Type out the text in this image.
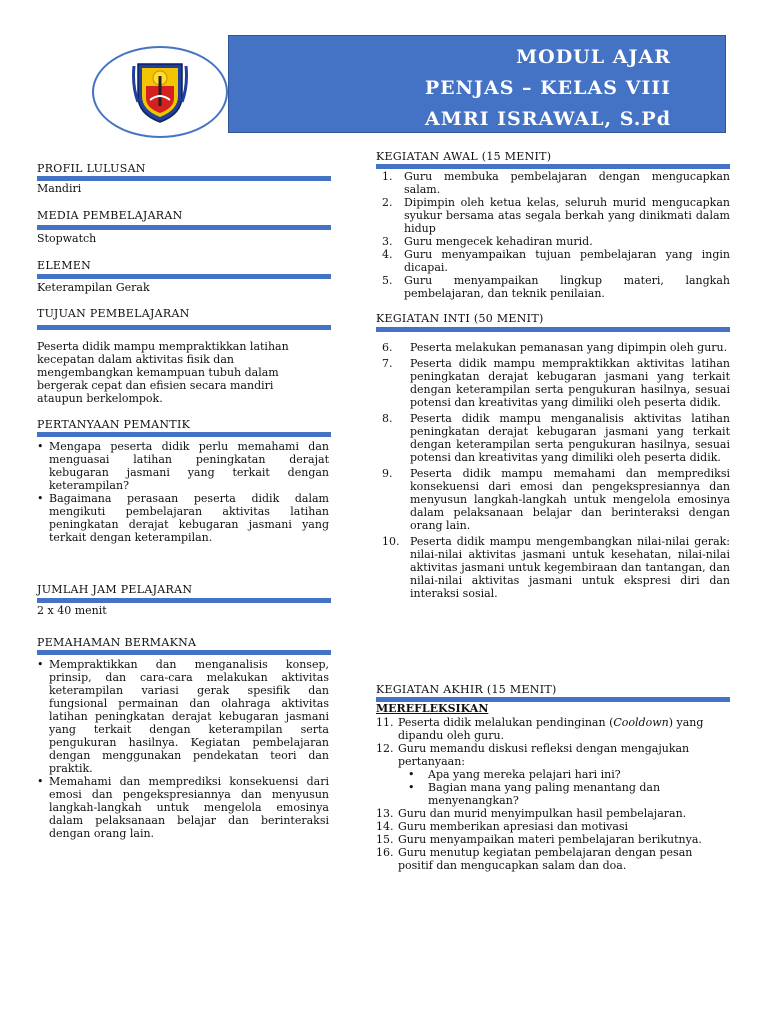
MODUL AJAR
PENJAS – KELAS VIII
AMRI ISRAWAL, S.Pd
PROFIL LULUSAN
Mandiri
MEDIA PEMBELAJARAN
Stopwatch
ELEMEN
Keterampilan Gerak
TUJUAN PEMBELAJARAN
Peserta didik mampu mempraktikkan latihan kecepatan dalam aktivitas fisik dan mengembangkan kemampuan tubuh dalam bergerak cepat dan efisien secara mandiri ataupun berkelompok.
PERTANYAAN PEMANTIK
• Mengapa peserta didik perlu memahami dan menguasai latihan peningkatan derajat kebugaran jasmani yang terkait dengan keterampilan?
• Bagaimana perasaan peserta didik dalam mengikuti pembelajaran aktivitas latihan peningkatan derajat kebugaran jasmani yang terkait dengan keterampilan.
JUMLAH JAM PELAJARAN
2 x 40 menit
PEMAHAMAN BERMAKNA
• Mempraktikkan dan menganalisis konsep, prinsip, dan cara-cara melakukan aktivitas keterampilan variasi gerak spesifik dan fungsional permainan dan olahraga aktivitas latihan peningkatan derajat kebugaran jasmani yang terkait dengan keterampilan serta pengukuran hasilnya. Kegiatan pembelajaran dengan menggunakan pendekatan teori dan praktik.
• Memahami dan memprediksi konsekuensi dari emosi dan pengekspresiannya dan menyusun langkah-langkah untuk mengelola emosinya dalam pelaksanaan belajar dan berinteraksi dengan orang lain.
KEGIATAN AWAL (15 MENIT)
1. Guru membuka pembelajaran dengan mengucapkan salam.
2. Dipimpin oleh ketua kelas, seluruh murid mengucapkan syukur bersama atas segala berkah yang dinikmati dalam hidup
3. Guru mengecek kehadiran murid.
4. Guru menyampaikan tujuan pembelajaran yang ingin dicapai.
5. Guru menyampaikan lingkup materi, langkah pembelajaran, dan teknik penilaian.
KEGIATAN INTI (50 MENIT)
6. Peserta melakukan pemanasan yang dipimpin oleh guru.
7. Peserta didik mampu mempraktikkan aktivitas latihan peningkatan derajat kebugaran jasmani yang terkait dengan keterampilan serta pengukuran hasilnya, sesuai potensi dan kreativitas yang dimiliki oleh peserta didik.
8. Peserta didik mampu menganalisis aktivitas latihan peningkatan derajat kebugaran jasmani yang terkait dengan keterampilan serta pengukuran hasilnya, sesuai potensi dan kreativitas yang dimiliki oleh peserta didik.
9. Peserta didik mampu memahami dan memprediksi konsekuensi dari emosi dan pengekspresiannya dan menyusun langkah-langkah untuk mengelola emosinya dalam pelaksanaan belajar dan berinteraksi dengan orang lain.
10. Peserta didik mampu mengembangkan nilai-nilai gerak: nilai-nilai aktivitas jasmani untuk kesehatan, nilai-nilai aktivitas jasmani untuk kegembiraan dan tantangan, dan nilai-nilai aktivitas jasmani untuk ekspresi diri dan interaksi sosial.
KEGIATAN AKHIR (15 MENIT)
MEREFLEKSIKAN
11. Peserta didik melalukan pendinginan (Cooldown) yang dipandu oleh guru.
12. Guru memandu diskusi refleksi dengan mengajukan pertanyaan:
• Apa yang mereka pelajari hari ini?
• Bagian mana yang paling menantang dan menyenangkan?
13. Guru dan murid menyimpulkan hasil pembelajaran.
14. Guru memberikan apresiasi dan motivasi
15. Guru menyampaikan materi pembelajaran berikutnya.
16. Guru menutup kegiatan pembelajaran dengan pesan positif dan mengucapkan salam dan doa.
